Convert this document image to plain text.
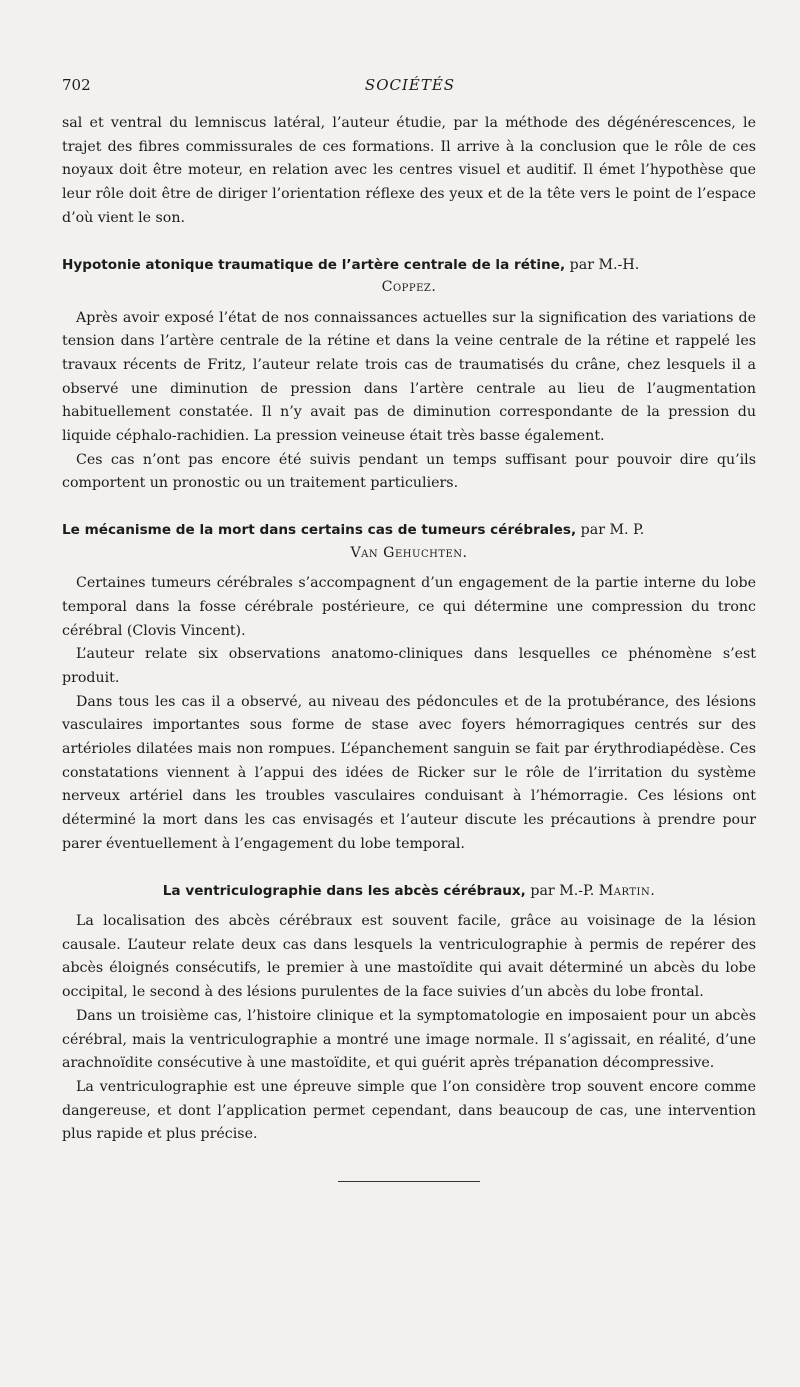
702	SOCIÉTÉS

sal et ventral du lemniscus latéral, l’auteur étudie, par la méthode des dégénérescences, le trajet des fibres commissurales de ces formations. Il arrive à la conclusion que le rôle de ces noyaux doit être moteur, en relation avec les centres visuel et auditif. Il émet l’hypothèse que leur rôle doit être de diriger l’orientation réflexe des yeux et de la tête vers le point de l’espace d’où vient le son.

Hypotonie atonique traumatique de l’artère centrale de la rétine, par M.-H.
Coppez.

Après avoir exposé l’état de nos connaissances actuelles sur la signification des variations de tension dans l’artère centrale de la rétine et dans la veine centrale de la rétine et rappelé les travaux récents de Fritz, l’auteur relate trois cas de traumatisés du crâne, chez lesquels il a observé une diminution de pression dans l’artère centrale au lieu de l’augmentation habituellement constatée. Il n’y avait pas de diminution correspondante de la pression du liquide céphalo-rachidien. La pression veineuse était très basse également.

Ces cas n’ont pas encore été suivis pendant un temps suffisant pour pouvoir dire qu’ils comportent un pronostic ou un traitement particuliers.

Le mécanisme de la mort dans certains cas de tumeurs cérébrales, par M. P.
Van Gehuchten.

Certaines tumeurs cérébrales s’accompagnent d’un engagement de la partie interne du lobe temporal dans la fosse cérébrale postérieure, ce qui détermine une compression du tronc cérébral (Clovis Vincent).

L’auteur relate six observations anatomo-cliniques dans lesquelles ce phénomène s’est produit.

Dans tous les cas il a observé, au niveau des pédoncules et de la protubérance, des lésions vasculaires importantes sous forme de stase avec foyers hémorragiques centrés sur des artérioles dilatées mais non rompues. L’épanchement sanguin se fait par érythrodiapédèse. Ces constatations viennent à l’appui des idées de Ricker sur le rôle de l’irritation du système nerveux artériel dans les troubles vasculaires conduisant à l’hémorragie. Ces lésions ont déterminé la mort dans les cas envisagés et l’auteur discute les précautions à prendre pour parer éventuellement à l’engagement du lobe temporal.

La ventriculographie dans les abcès cérébraux, par M.-P. Martin.

La localisation des abcès cérébraux est souvent facile, grâce au voisinage de la lésion causale. L’auteur relate deux cas dans lesquels la ventriculographie à permis de repérer des abcès éloignés consécutifs, le premier à une mastoïdite qui avait déterminé un abcès du lobe occipital, le second à des lésions purulentes de la face suivies d’un abcès du lobe frontal.

Dans un troisième cas, l’histoire clinique et la symptomatologie en imposaient pour un abcès cérébral, mais la ventriculographie a montré une image normale. Il s’agissait, en réalité, d’une arachnoïdite consécutive à une mastoïdite, et qui guérit après trépanation décompressive.

La ventriculographie est une épreuve simple que l’on considère trop souvent encore comme dangereuse, et dont l’application permet cependant, dans beaucoup de cas, une intervention plus rapide et plus précise.
